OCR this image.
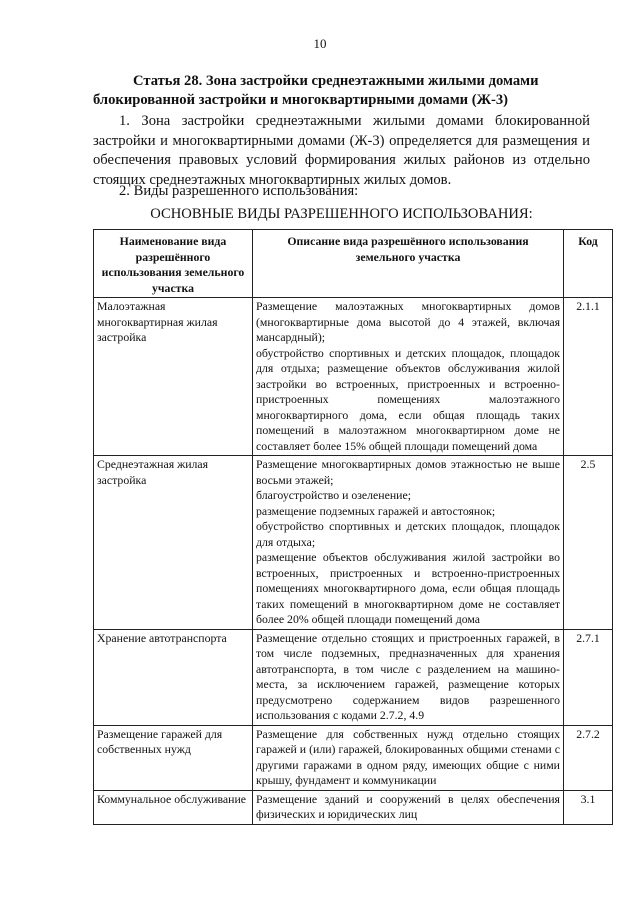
10
Статья 28. Зона застройки среднеэтажными жилыми домами
блокированной застройки и многоквартирными домами (Ж-3)
1. Зона застройки среднеэтажными жилыми домами блокированной застройки и многоквартирными домами (Ж-3) определяется для размещения и обеспечения правовых условий формирования жилых районов из отдельно стоящих среднеэтажных многоквартирных жилых домов.
2. Виды разрешенного использования:
ОСНОВНЫЕ ВИДЫ РАЗРЕШЕННОГО ИСПОЛЬЗОВАНИЯ:
Наименование вида разрешённого использования земельного участка	Описание вида разрешённого использования земельного участка	Код
Малоэтажная многоквартирная жилая застройка	Размещение малоэтажных многоквартирных домов (многоквартирные дома высотой до 4 этажей, включая мансардный);
обустройство спортивных и детских площадок, площадок для отдыха; размещение объектов обслуживания жилой застройки во встроенных, пристроенных и встроенно-пристроенных помещениях малоэтажного многоквартирного дома, если общая площадь таких помещений в малоэтажном многоквартирном доме не составляет более 15% общей площади помещений дома	2.1.1
Среднеэтажная жилая застройка	Размещение многоквартирных домов этажностью не выше восьми этажей;
благоустройство и озеленение;
размещение подземных гаражей и автостоянок;
обустройство спортивных и детских площадок, площадок для отдыха;
размещение объектов обслуживания жилой застройки во встроенных, пристроенных и встроенно-пристроенных помещениях многоквартирного дома, если общая площадь таких помещений в многоквартирном доме не составляет более 20% общей площади помещений дома	2.5
Хранение автотранспорта	Размещение отдельно стоящих и пристроенных гаражей, в том числе подземных, предназначенных для хранения автотранспорта, в том числе с разделением на машино-места, за исключением гаражей, размещение которых предусмотрено содержанием видов разрешенного использования с кодами 2.7.2, 4.9	2.7.1
Размещение гаражей для собственных нужд	Размещение для собственных нужд отдельно стоящих гаражей и (или) гаражей, блокированных общими стенами с другими гаражами в одном ряду, имеющих общие с ними крышу, фундамент и коммуникации	2.7.2
Коммунальное обслуживание	Размещение зданий и сооружений в целях обеспечения физических и юридических лиц	3.1
